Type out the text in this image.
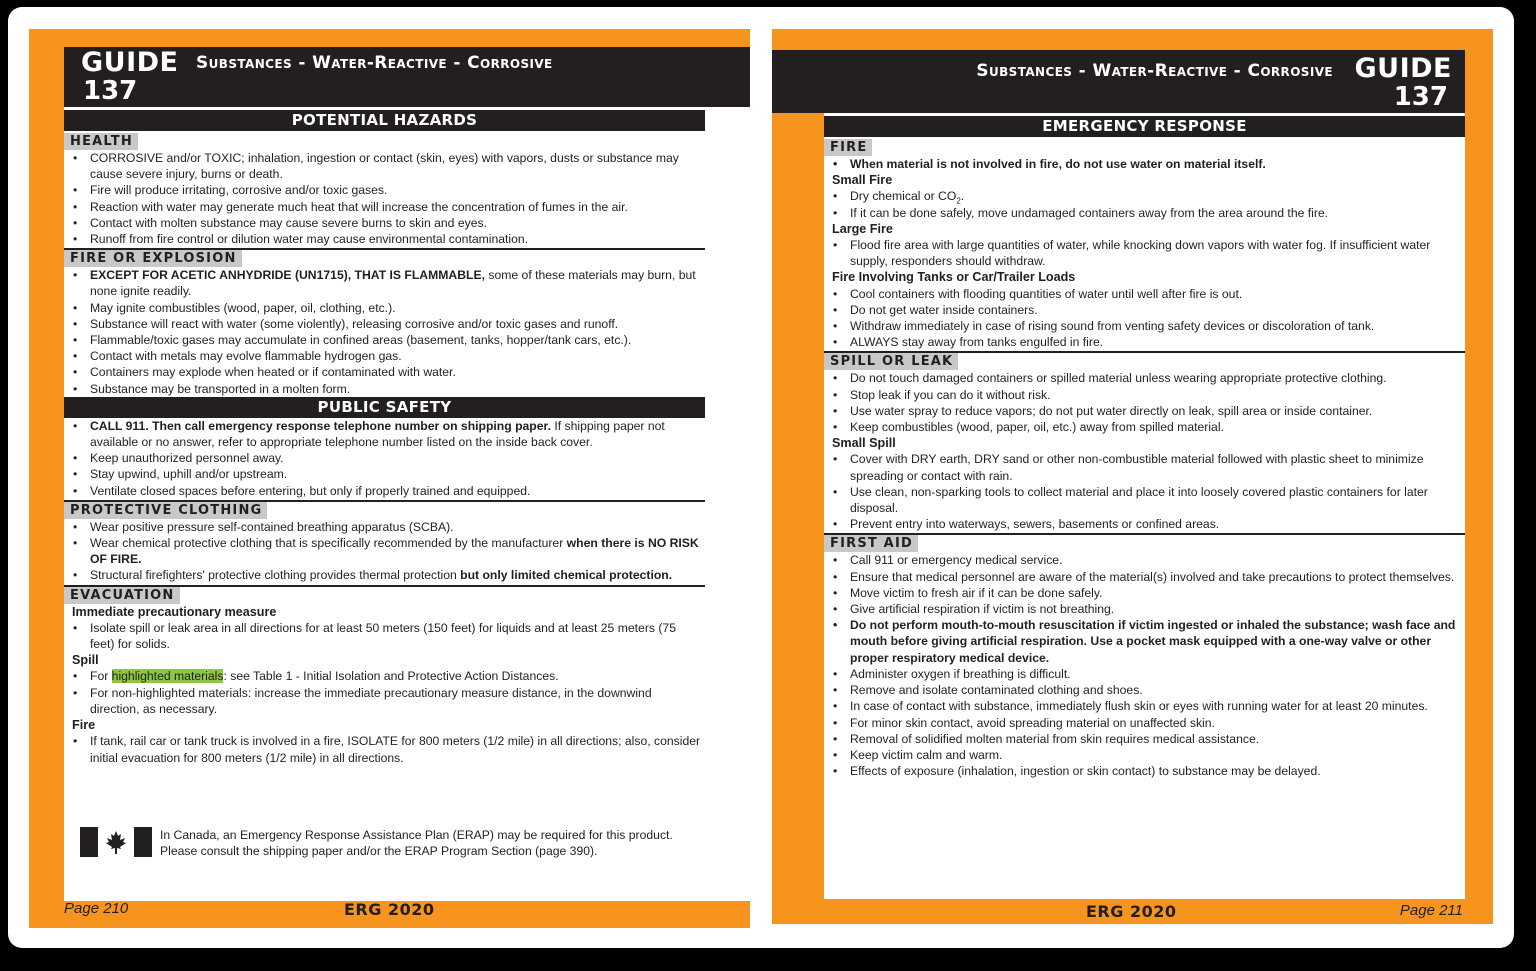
GUIDE
137
Substances - Water-Reactive - Corrosive
POTENTIAL HAZARDS
HEALTH
• CORROSIVE and/or TOXIC; inhalation, ingestion or contact (skin, eyes) with vapors, dusts or substance may cause severe injury, burns or death.
• Fire will produce irritating, corrosive and/or toxic gases.
• Reaction with water may generate much heat that will increase the concentration of fumes in the air.
• Contact with molten substance may cause severe burns to skin and eyes.
• Runoff from fire control or dilution water may cause environmental contamination.
FIRE OR EXPLOSION
• EXCEPT FOR ACETIC ANHYDRIDE (UN1715), THAT IS FLAMMABLE, some of these materials may burn, but none ignite readily.
• May ignite combustibles (wood, paper, oil, clothing, etc.).
• Substance will react with water (some violently), releasing corrosive and/or toxic gases and runoff.
• Flammable/toxic gases may accumulate in confined areas (basement, tanks, hopper/tank cars, etc.).
• Contact with metals may evolve flammable hydrogen gas.
• Containers may explode when heated or if contaminated with water.
• Substance may be transported in a molten form.
PUBLIC SAFETY
• CALL 911. Then call emergency response telephone number on shipping paper. If shipping paper not available or no answer, refer to appropriate telephone number listed on the inside back cover.
• Keep unauthorized personnel away.
• Stay upwind, uphill and/or upstream.
• Ventilate closed spaces before entering, but only if properly trained and equipped.
PROTECTIVE CLOTHING
• Wear positive pressure self-contained breathing apparatus (SCBA).
• Wear chemical protective clothing that is specifically recommended by the manufacturer when there is NO RISK OF FIRE.
• Structural firefighters' protective clothing provides thermal protection but only limited chemical protection.
EVACUATION
Immediate precautionary measure
• Isolate spill or leak area in all directions for at least 50 meters (150 feet) for liquids and at least 25 meters (75 feet) for solids.
Spill
• For highlighted materials: see Table 1 - Initial Isolation and Protective Action Distances.
• For non-highlighted materials: increase the immediate precautionary measure distance, in the downwind direction, as necessary.
Fire
• If tank, rail car or tank truck is involved in a fire, ISOLATE for 800 meters (1/2 mile) in all directions; also, consider initial evacuation for 800 meters (1/2 mile) in all directions.
In Canada, an Emergency Response Assistance Plan (ERAP) may be required for this product.
Please consult the shipping paper and/or the ERAP Program Section (page 390).
Page 210	ERG 2020
Substances - Water-Reactive - Corrosive GUIDE
137
EMERGENCY RESPONSE
FIRE
• When material is not involved in fire, do not use water on material itself.
Small Fire
• Dry chemical or $CO_2$.
• If it can be done safely, move undamaged containers away from the area around the fire.
Large Fire
• Flood fire area with large quantities of water, while knocking down vapors with water fog. If insufficient water supply, responders should withdraw.
Fire Involving Tanks or Car/Trailer Loads
• Cool containers with flooding quantities of water until well after fire is out.
• Do not get water inside containers.
• Withdraw immediately in case of rising sound from venting safety devices or discoloration of tank.
• ALWAYS stay away from tanks engulfed in fire.
SPILL OR LEAK
• Do not touch damaged containers or spilled material unless wearing appropriate protective clothing.
• Stop leak if you can do it without risk.
• Use water spray to reduce vapors; do not put water directly on leak, spill area or inside container.
• Keep combustibles (wood, paper, oil, etc.) away from spilled material.
Small Spill
• Cover with DRY earth, DRY sand or other non-combustible material followed with plastic sheet to minimize spreading or contact with rain.
• Use clean, non-sparking tools to collect material and place it into loosely covered plastic containers for later disposal.
• Prevent entry into waterways, sewers, basements or confined areas.
FIRST AID
• Call 911 or emergency medical service.
• Ensure that medical personnel are aware of the material(s) involved and take precautions to protect themselves.
• Move victim to fresh air if it can be done safely.
• Give artificial respiration if victim is not breathing.
• Do not perform mouth-to-mouth resuscitation if victim ingested or inhaled the substance; wash face and mouth before giving artificial respiration. Use a pocket mask equipped with a one-way valve or other proper respiratory medical device.
• Administer oxygen if breathing is difficult.
• Remove and isolate contaminated clothing and shoes.
• In case of contact with substance, immediately flush skin or eyes with running water for at least 20 minutes.
• For minor skin contact, avoid spreading material on unaffected skin.
• Removal of solidified molten material from skin requires medical assistance.
• Keep victim calm and warm.
• Effects of exposure (inhalation, ingestion or skin contact) to substance may be delayed.
ERG 2020	Page 211
